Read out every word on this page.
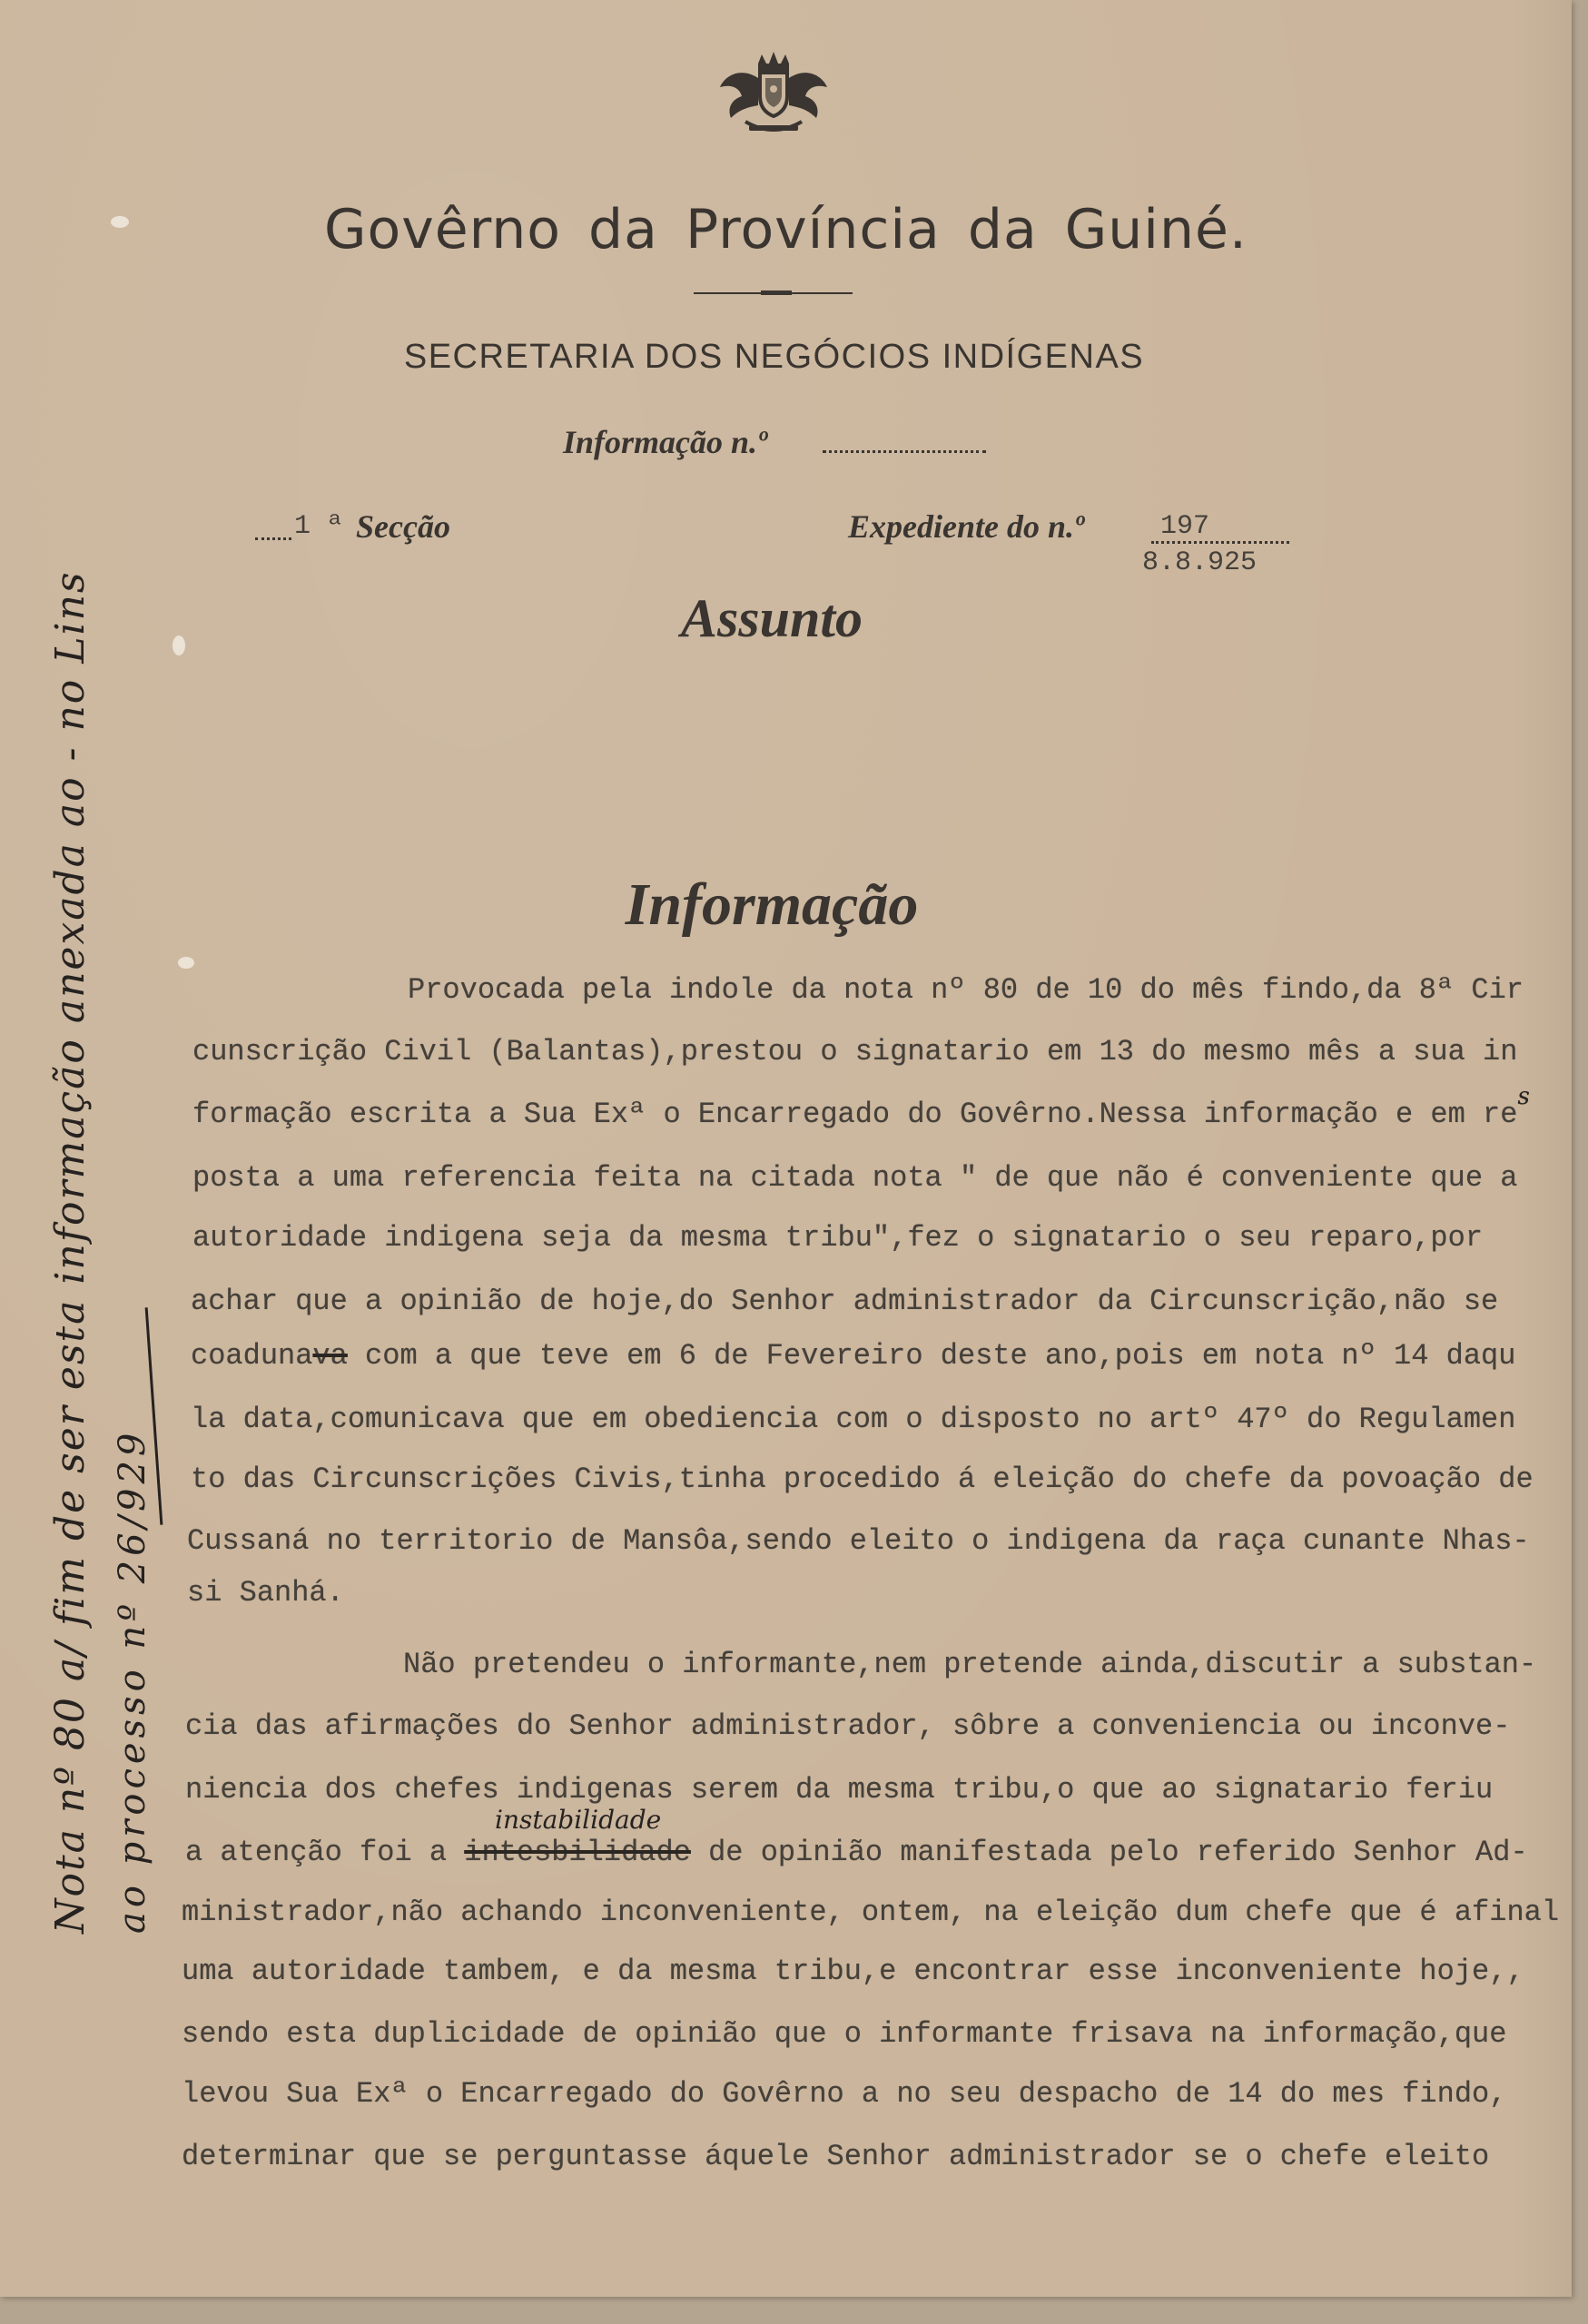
Govêrno da Província da Guiné.
SECRETARIA DOS NEGÓCIOS INDÍGENAS
Informação n.º
1 ª Secção	Expediente do n.º	197
8.8.925
Assunto
Informação
Provocada pela indole da nota nº 80 de 10 do mês findo,da 8ª Cir
cunscrição Civil (Balantas),prestou o signatario em 13 do mesmo mês a sua in
formação escrita a Sua Exª o Encarregado do Govêrno.Nessa informação e em $re^s$
posta a uma referencia feita na citada nota " de que não é conveniente que a
autoridade indigena seja da mesma tribu",fez o signatario o seu reparo,por
achar que a opinião de hoje,do Senhor administrador da Circunscrição,não se
coadunava com a que teve em 6 de Fevereiro deste ano,pois em nota nº 14 daqu
la data,comunicava que em obediencia com o disposto no artº 47º do Regulamen
to das Circunscrições Civis,tinha procedido á eleição do chefe da povoação de
Cussaná no territorio de Mansôa,sendo eleito o indigena da raça cunante Nhas-
si Sanhá.
Não pretendeu o informante,nem pretende ainda,discutir a substan-
cia das afirmações do Senhor administrador, sôbre a conveniencia ou inconve-
niencia dos chefes indigenas serem da mesma tribu,o que ao signatario feriu
instabilidade
a atenção foi a intesbilidade de opinião manifestada pelo referido Senhor Ad-
ministrador,não achando inconveniente, ontem, na eleição dum chefe que é afinal
uma autoridade tambem, e da mesma tribu,e encontrar esse inconveniente hoje,,
sendo esta duplicidade de opinião que o informante frisava na informação,que
levou Sua Exª o Encarregado do Govêrno a no seu despacho de 14 do mes findo,
determinar que se perguntasse áquele Senhor administrador se o chefe eleito
Nota nº 80 a/ fim de ser esta informação anexada ao - no Lins ao processo nº 26/929
